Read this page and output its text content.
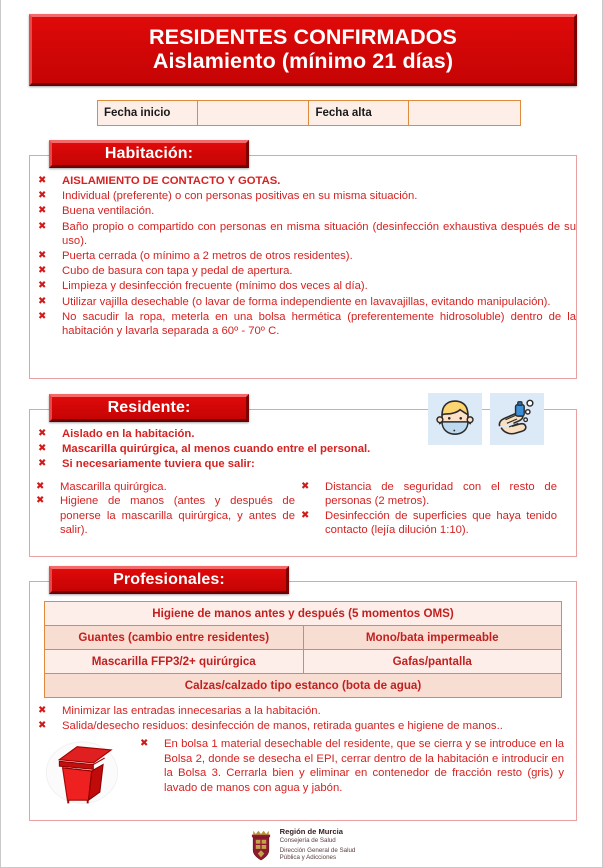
RESIDENTES CONFIRMADOS
Aislamiento (mínimo 21 días)
Fecha inicio		Fecha alta	
Habitación:
✖ AISLAMIENTO DE CONTACTO Y GOTAS.
✖ Individual (preferente) o con personas positivas en su misma situación.
✖ Buena ventilación.
✖ Baño propio o compartido con personas en misma situación (desinfección exhaustiva después de su uso).
✖ Puerta cerrada (o mínimo a 2 metros de otros residentes).
✖ Cubo de basura con tapa y pedal de apertura.
✖ Limpieza y desinfección frecuente (mínimo dos veces al día).
✖ Utilizar vajilla desechable (o lavar de forma independiente en lavavajillas, evitando manipulación).
✖ No sacudir la ropa, meterla en una bolsa hermética (preferentemente hidrosoluble) dentro de la habitación y lavarla separada a 60º - 70º C.
Residente:
✖ Aislado en la habitación.
✖ Mascarilla quirúrgica, al menos cuando entre el personal.
✖ Si necesariamente tuviera que salir:
✖ Mascarilla quirúrgica.
✖ Higiene de manos (antes y después de ponerse la mascarilla quirúrgica, y antes de salir).
✖ Distancia de seguridad con el resto de personas (2 metros).
✖ Desinfección de superficies que haya tenido contacto (lejía dilución 1:10).
Profesionales:
Higiene de manos antes y después (5 momentos OMS)	
Guantes (cambio entre residentes)	Mono/bata impermeable
Mascarilla FFP3/2+ quirúrgica	Gafas/pantalla
Calzas/calzado tipo estanco (bota de agua)	
✖ Minimizar las entradas innecesarias a la habitación.
✖ Salida/desecho residuos: desinfección de manos, retirada guantes e higiene de manos..
✖ En bolsa 1 material desechable del residente, que se cierra y se introduce en la Bolsa 2, donde se desecha el EPI, cerrar dentro de la habitación e introducir en la Bolsa 3. Cerrarla bien y eliminar en contenedor de fracción resto (gris) y lavado de manos con agua y jabón.
Región de Murcia
Consejería de Salud
Dirección General de Salud
Pública y Adicciones
